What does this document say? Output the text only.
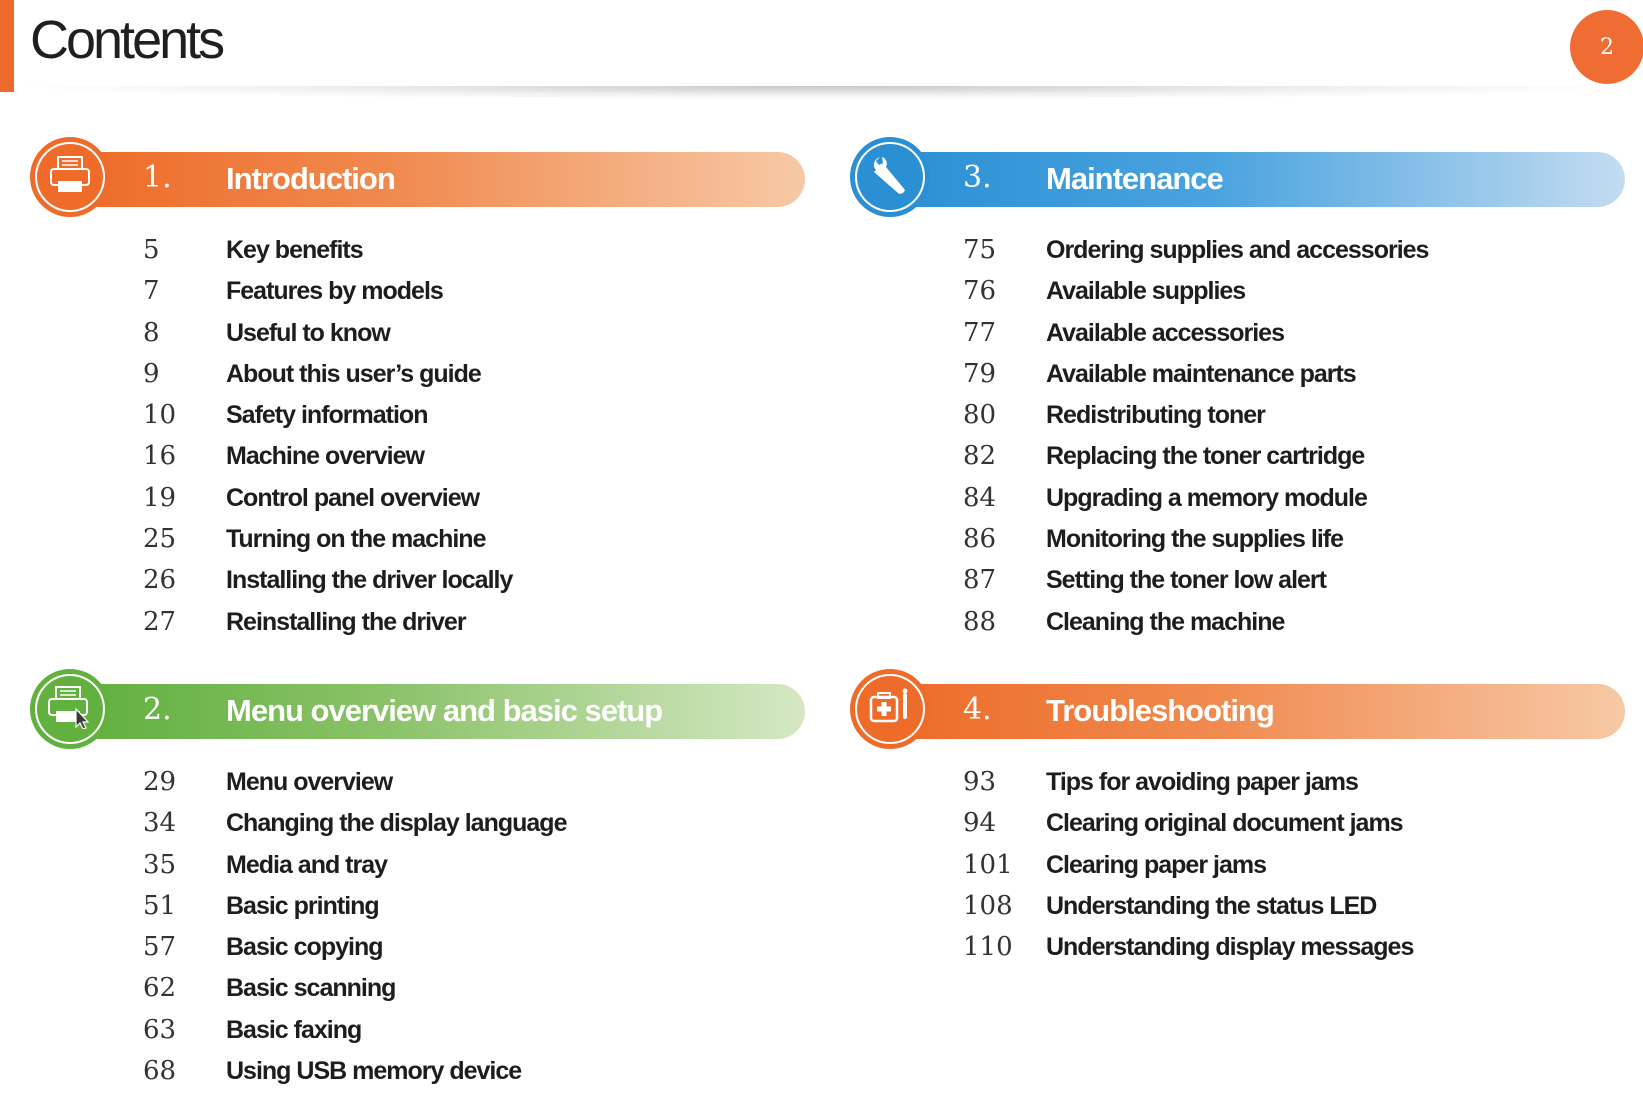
Contents	2
1. Introduction
5	Key benefits
7	Features by models
8	Useful to know
9	About this user’s guide
10 Safety information
16 Machine overview
19 Control panel overview
25 Turning on the machine
26 Installing the driver locally
27 Reinstalling the driver
2. Menu overview and basic setup
29 Menu overview
34 Changing the display language
35 Media and tray
51 Basic printing
57 Basic copying
62 Basic scanning
63 Basic faxing
68 Using USB memory device
3. Maintenance
75 Ordering supplies and accessories
76 Available supplies
77 Available accessories
79 Available maintenance parts
80 Redistributing toner
82 Replacing the toner cartridge
84 Upgrading a memory module
86 Monitoring the supplies life
87 Setting the toner low alert
88 Cleaning the machine
4. Troubleshooting
93 Tips for avoiding paper jams
94 Clearing original document jams
101 Clearing paper jams
108 Understanding the status LED
110 Understanding display messages
